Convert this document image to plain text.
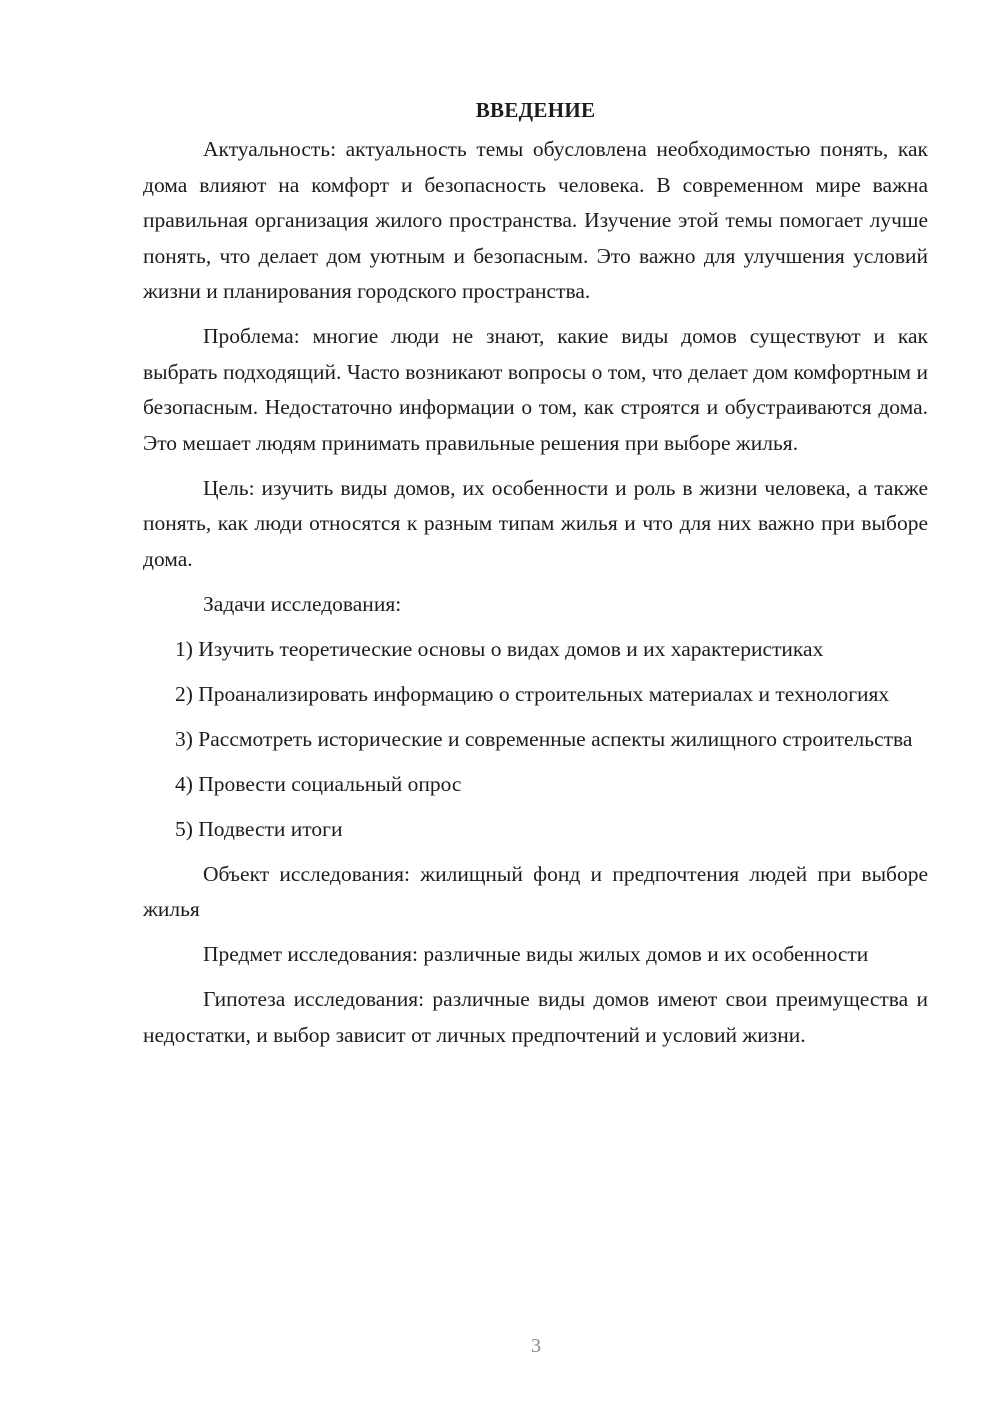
ВВЕДЕНИЕ

Актуальность: актуальность темы обусловлена необходимостью понять, как дома влияют на комфорт и безопасность человека. В современном мире важна правильная организация жилого пространства. Изучение этой темы помогает лучше понять, что делает дом уютным и безопасным. Это важно для улучшения условий жизни и планирования городского пространства.

Проблема: многие люди не знают, какие виды домов существуют и как выбрать подходящий. Часто возникают вопросы о том, что делает дом комфортным и безопасным. Недостаточно информации о том, как строятся и обустраиваются дома. Это мешает людям принимать правильные решения при выборе жилья.

Цель: изучить виды домов, их особенности и роль в жизни человека, а также понять, как люди относятся к разным типам жилья и что для них важно при выборе дома.

Задачи исследования:

1) Изучить теоретические основы о видах домов и их характеристиках

2) Проанализировать информацию о строительных материалах и технологиях

3) Рассмотреть исторические и современные аспекты жилищного строительства

4) Провести социальный опрос

5) Подвести итоги

Объект исследования: жилищный фонд и предпочтения людей при выборе жилья

Предмет исследования: различные виды жилых домов и их особенности

Гипотеза исследования: различные виды домов имеют свои преимущества и недостатки, и выбор зависит от личных предпочтений и условий жизни.

3
